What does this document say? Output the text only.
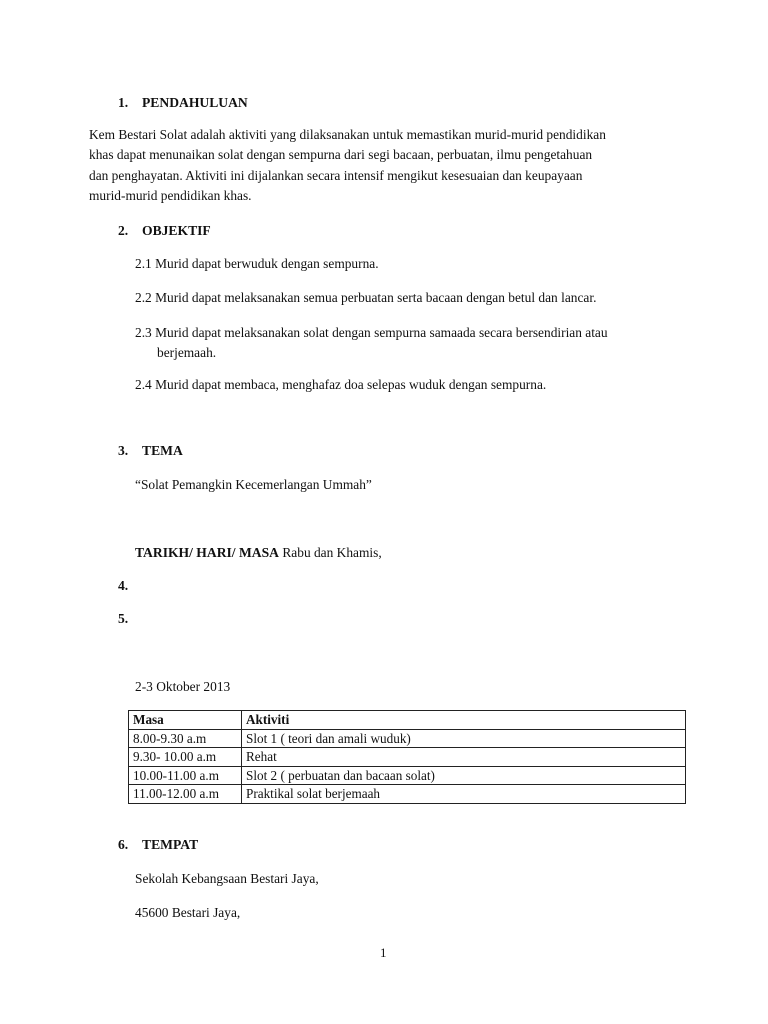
1. PENDAHULUAN
Kem Bestari Solat adalah aktiviti yang dilaksanakan untuk memastikan murid-murid pendidikan
khas dapat menunaikan solat dengan sempurna dari segi bacaan, perbuatan, ilmu pengetahuan
dan penghayatan. Aktiviti ini dijalankan secara intensif mengikut kesesuaian dan keupayaan
murid-murid pendidikan khas.
2. OBJEKTIF
2.1 Murid dapat berwuduk dengan sempurna.
2.2 Murid dapat melaksanakan semua perbuatan serta bacaan dengan betul dan lancar.
2.3 Murid dapat melaksanakan solat dengan sempurna samaada secara bersendirian atau
berjemaah.
2.4 Murid dapat membaca, menghafaz doa selepas wuduk dengan sempurna.
3. TEMA
“Solat Pemangkin Kecemerlangan Ummah”
TARIKH/ HARI/ MASA Rabu dan Khamis,
4.
5.
2-3 Oktober 2013
Masa	Aktiviti
8.00-9.30 a.m	Slot 1 ( teori dan amali wuduk)
9.30- 10.00 a.m	Rehat
10.00-11.00 a.m	Slot 2 ( perbuatan dan bacaan solat)
11.00-12.00 a.m	Praktikal solat berjemaah
6. TEMPAT
Sekolah Kebangsaan Bestari Jaya,
45600 Bestari Jaya,
1
